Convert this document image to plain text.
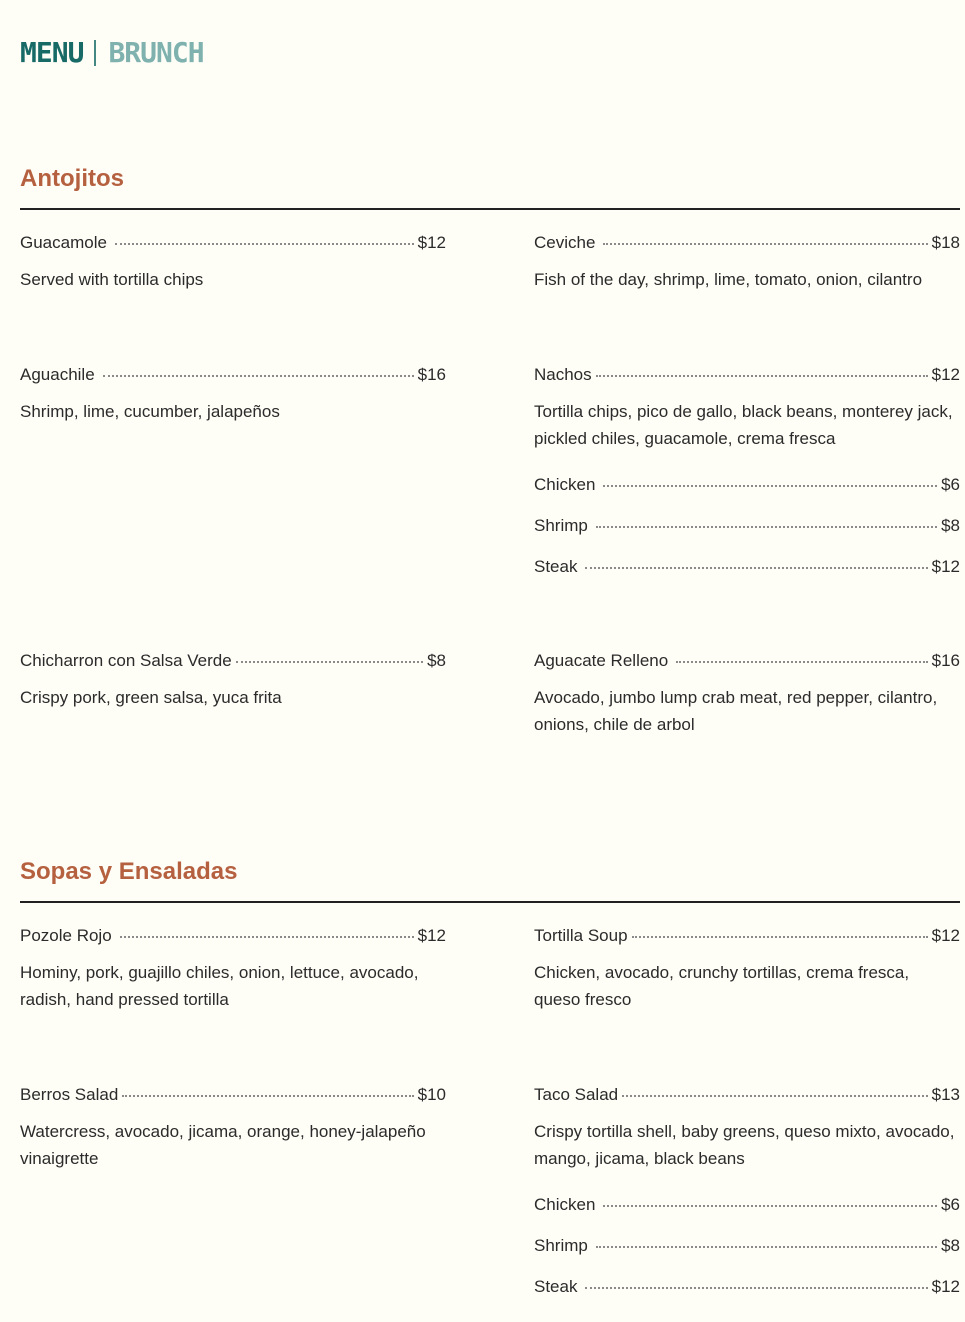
MENU BRUNCH
Antojitos
Guacamole	$12
Served with tortilla chips
Ceviche	$18
Fish of the day, shrimp, lime, tomato, onion, cilantro
Aguachile	$16
Shrimp, lime, cucumber, jalapeños
Nachos	$12
Tortilla chips, pico de gallo, black beans, monterey jack, pickled chiles, guacamole, crema fresca
Chicken	$6
Shrimp	$8
Steak	$12
Chicharron con Salsa Verde	$8
Crispy pork, green salsa, yuca frita
Aguacate Relleno	$16
Avocado, jumbo lump crab meat, red pepper, cilantro, onions, chile de arbol
Sopas y Ensaladas
Pozole Rojo	$12
Hominy, pork, guajillo chiles, onion, lettuce, avocado, radish, hand pressed tortilla
Tortilla Soup	$12
Chicken, avocado, crunchy tortillas, crema fresca, queso fresco
Berros Salad	$10
Watercress, avocado, jicama, orange, honey-jalapeño vinaigrette
Taco Salad	$13
Crispy tortilla shell, baby greens, queso mixto, avocado, mango, jicama, black beans
Chicken	$6
Shrimp	$8
Steak	$12
